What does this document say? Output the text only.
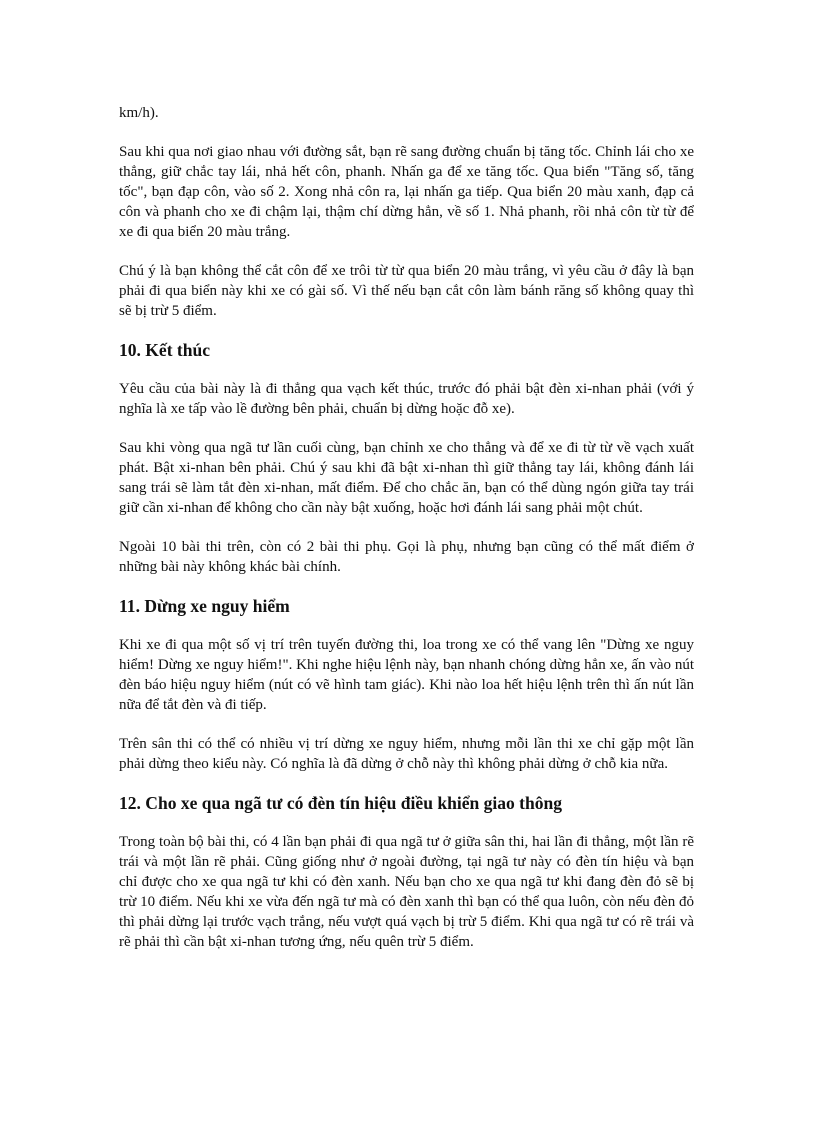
km/h).

Sau khi qua nơi giao nhau với đường sắt, bạn rẽ sang đường chuẩn bị tăng tốc. Chỉnh lái cho xe thẳng, giữ chắc tay lái, nhả hết côn, phanh. Nhấn ga để xe tăng tốc. Qua biển "Tăng số, tăng tốc", bạn đạp côn, vào số 2. Xong nhả côn ra, lại nhấn ga tiếp. Qua biển 20 màu xanh, đạp cả côn và phanh cho xe đi chậm lại, thậm chí dừng hẳn, về số 1. Nhả phanh, rồi nhả côn từ từ để xe đi qua biển 20 màu trắng.

Chú ý là bạn không thể cắt côn để xe trôi từ từ qua biển 20 màu trắng, vì yêu cầu ở đây là bạn phải đi qua biển này khi xe có gài số. Vì thế nếu bạn cắt côn làm bánh răng số không quay thì sẽ bị trừ 5 điểm.

10. Kết thúc

Yêu cầu của bài này là đi thẳng qua vạch kết thúc, trước đó phải bật đèn xi-nhan phải (với ý nghĩa là xe tấp vào lề đường bên phải, chuẩn bị dừng hoặc đỗ xe).

Sau khi vòng qua ngã tư lần cuối cùng, bạn chỉnh xe cho thẳng và để xe đi từ từ về vạch xuất phát. Bật xi-nhan bên phải. Chú ý sau khi đã bật xi-nhan thì giữ thẳng tay lái, không đánh lái sang trái sẽ làm tắt đèn xi-nhan, mất điểm. Để cho chắc ăn, bạn có thể dùng ngón giữa tay trái giữ cần xi-nhan để không cho cần này bật xuống, hoặc hơi đánh lái sang phải một chút.

Ngoài 10 bài thi trên, còn có 2 bài thi phụ. Gọi là phụ, nhưng bạn cũng có thể mất điểm ở những bài này không khác bài chính.

11. Dừng xe nguy hiểm

Khi xe đi qua một số vị trí trên tuyến đường thi, loa trong xe có thể vang lên "Dừng xe nguy hiểm! Dừng xe nguy hiểm!". Khi nghe hiệu lệnh này, bạn nhanh chóng dừng hẳn xe, ấn vào nút đèn báo hiệu nguy hiểm (nút có vẽ hình tam giác). Khi nào loa hết hiệu lệnh trên thì ấn nút lần nữa để tắt đèn và đi tiếp.

Trên sân thi có thể có nhiều vị trí dừng xe nguy hiểm, nhưng mỗi lần thi xe chỉ gặp một lần phải dừng theo kiểu này. Có nghĩa là đã dừng ở chỗ này thì không phải dừng ở chỗ kia nữa.

12. Cho xe qua ngã tư có đèn tín hiệu điều khiển giao thông

Trong toàn bộ bài thi, có 4 lần bạn phải đi qua ngã tư ở giữa sân thi, hai lần đi thẳng, một lần rẽ trái và một lần rẽ phải. Cũng giống như ở ngoài đường, tại ngã tư này có đèn tín hiệu và bạn chỉ được cho xe qua ngã tư khi có đèn xanh. Nếu bạn cho xe qua ngã tư khi đang đèn đỏ sẽ bị trừ 10 điểm. Nếu khi xe vừa đến ngã tư mà có đèn xanh thì bạn có thể qua luôn, còn nếu đèn đỏ thì phải dừng lại trước vạch trắng, nếu vượt quá vạch bị trừ 5 điểm. Khi qua ngã tư có rẽ trái và rẽ phải thì cần bật xi-nhan tương ứng, nếu quên trừ 5 điểm.
